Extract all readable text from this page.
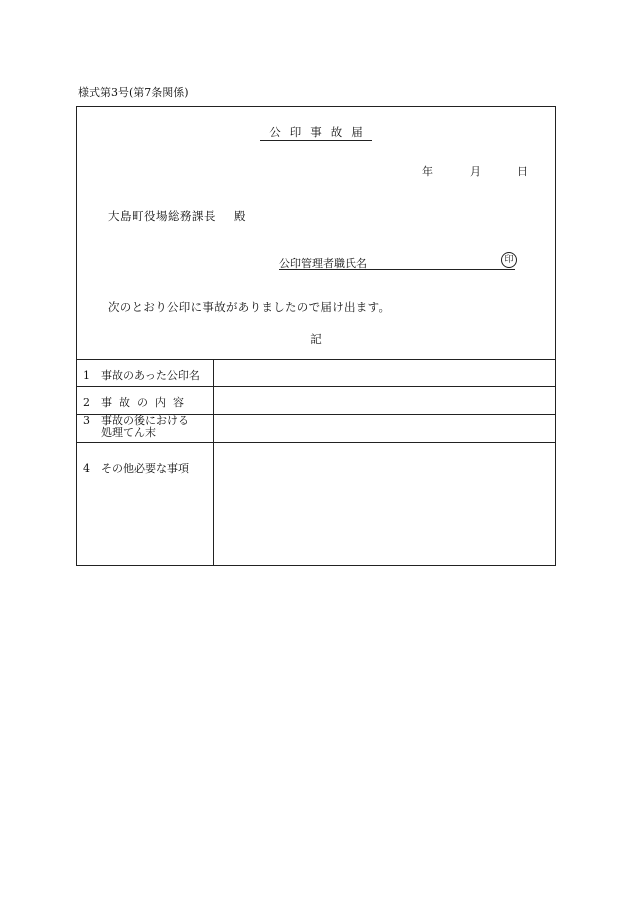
様式第3号(第7条関係)
公印事故届
年	月	日
大島町役場総務課長 殿
公印管理者職氏名	印
次のとおり公印に事故がありましたので届け出ます。
記
1 事故のあった公印名
2 事故の内容
3 事故の後における
処理てん末
4 その他必要な事項
